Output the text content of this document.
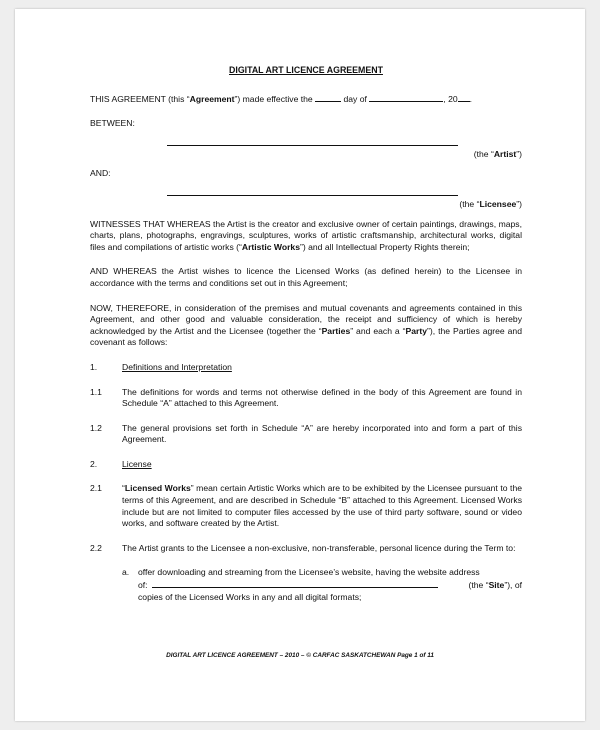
DIGITAL ART LICENCE AGREEMENT

THIS AGREEMENT (this “Agreement”) made effective the	day of	, 20 .

BETWEEN:

(the “Artist”)

AND:

(the “Licensee”)

WITNESSES THAT WHEREAS the Artist is the creator and exclusive owner of certain paintings, drawings, maps, charts, plans, photographs, engravings, sculptures, works of artistic craftsmanship, architectural works, digital files and compilations of artistic works (“Artistic Works”) and all Intellectual Property Rights therein;

AND WHEREAS the Artist wishes to licence the Licensed Works (as defined herein) to the Licensee in accordance with the terms and conditions set out in this Agreement;

NOW, THEREFORE, in consideration of the premises and mutual covenants and agreements contained in this Agreement, and other good and valuable consideration, the receipt and sufficiency of which is hereby acknowledged by the Artist and the Licensee (together the “Parties” and each a “Party”), the Parties agree and covenant as follows:

1.	Definitions and Interpretation
1.1	The definitions for words and terms not otherwise defined in the body of this Agreement are found in Schedule “A” attached to this Agreement.
1.2	The general provisions set forth in Schedule “A” are hereby incorporated into and form a part of this Agreement.
2.	License
2.1	“Licensed Works” mean certain Artistic Works which are to be exhibited by the Licensee pursuant to the terms of this Agreement, and are described in Schedule “B” attached to this Agreement. Licensed Works include but are not limited to computer files accessed by the use of third party software, sound or video works, and software created by the Artist.
2.2	The Artist grants to the Licensee a non-exclusive, non-transferable, personal licence during the Term to:
a.	offer downloading and streaming from the Licensee’s website, having the website address
of:	(the “Site”), of
copies of the Licensed Works in any and all digital formats;
DIGITAL ART LICENCE AGREEMENT – 2010 – © CARFAC SASKATCHEWAN Page 1 of 11
